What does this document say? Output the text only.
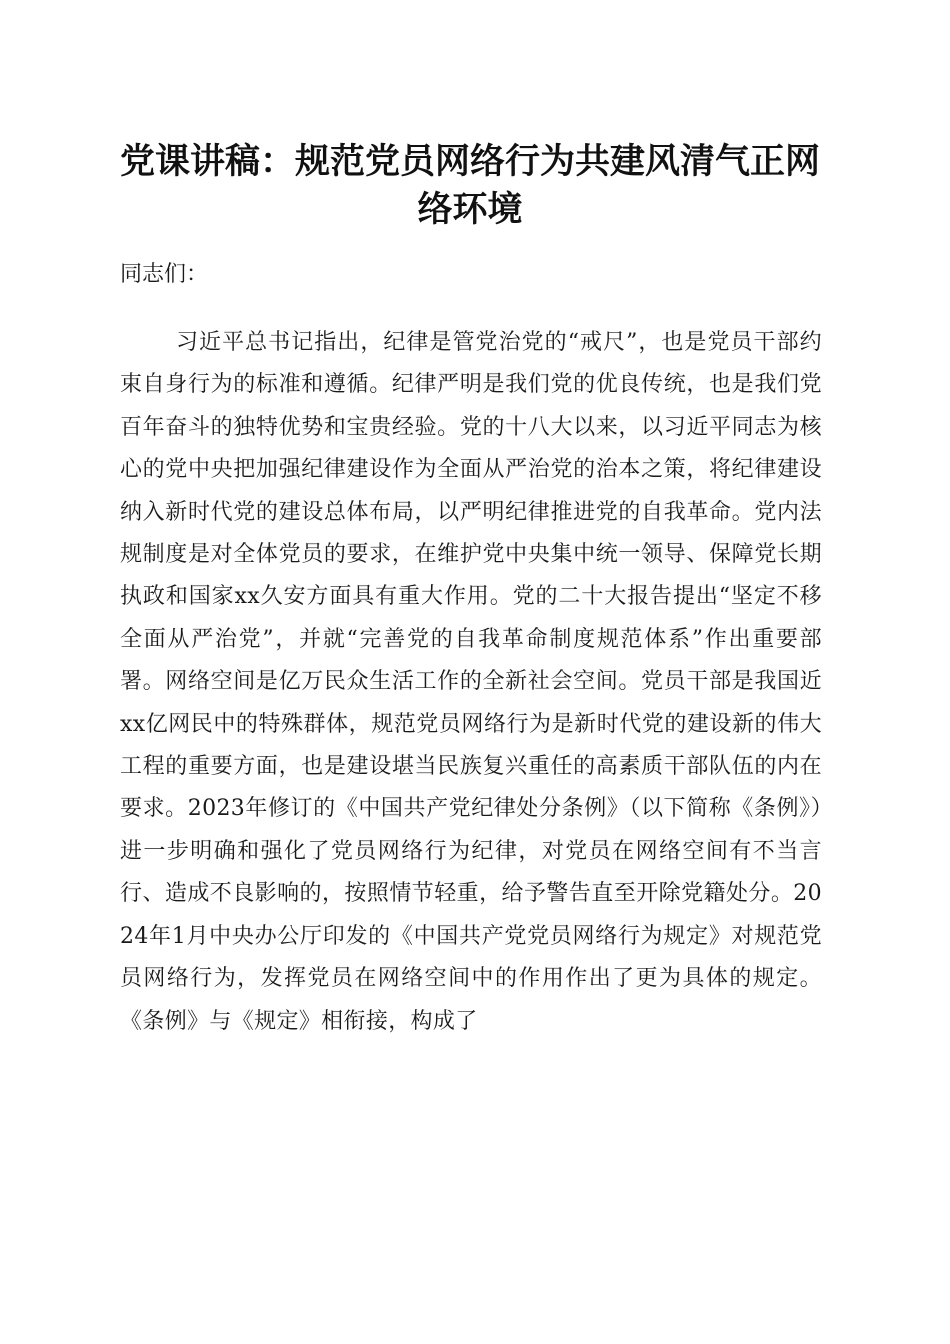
党课讲稿：规范党员网络行为共建风清气正网络环境

同志们：

习近平总书记指出，纪律是管党治党的“戒尺”，也是党员干部约束自身行为的标准和遵循。纪律严明是我们党的优良传统，也是我们党百年奋斗的独特优势和宝贵经验。党的十八大以来，以习近平同志为核心的党中央把加强纪律建设作为全面从严治党的治本之策，将纪律建设纳入新时代党的建设总体布局，以严明纪律推进党的自我革命。党内法规制度是对全体党员的要求，在维护党中央集中统一领导、保障党长期执政和国家xx久安方面具有重大作用。党的二十大报告提出“坚定不移全面从严治党”，并就“完善党的自我革命制度规范体系”作出重要部署。网络空间是亿万民众生活工作的全新社会空间。党员干部是我国近xx亿网民中的特殊群体，规范党员网络行为是新时代党的建设新的伟大工程的重要方面，也是建设堪当民族复兴重任的高素质干部队伍的内在要求。2023年修订的《中国共产党纪律处分条例》（以下简称《条例》）进一步明确和强化了党员网络行为纪律，对党员在网络空间有不当言行、造成不良影响的，按照情节轻重，给予警告直至开除党籍处分。2024年1月中央办公厅印发的《中国共产党党员网络行为规定》对规范党员网络行为，发挥党员在网络空间中的作用作出了更为具体的规定。《条例》与《规定》相衔接，构成了
